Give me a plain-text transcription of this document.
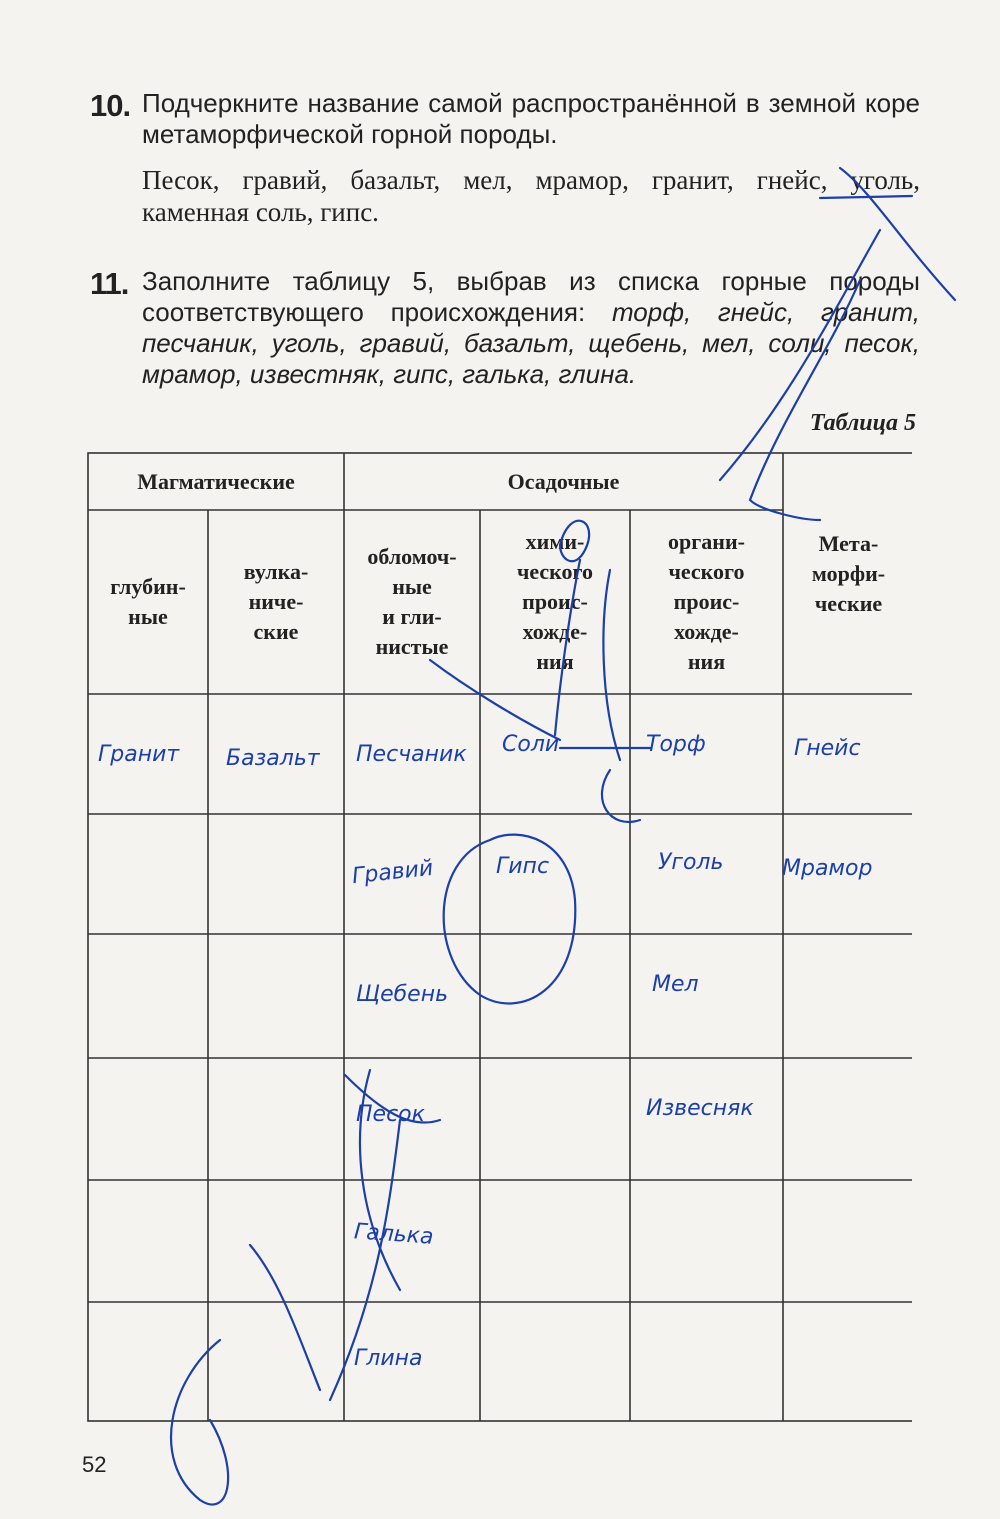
10. Подчеркните название самой распространённой в земной коре метаморфической горной породы.
Песок, гравий, базальт, мел, мрамор, гранит, гнейс, уголь, каменная соль, гипс.
11. Заполните таблицу 5, выбрав из списка горные породы соответствующего происхождения: торф, гнейс, гранит, песчаник, уголь, гравий, базальт, щебень, мел, соли, песок, мрамор, известняк, гипс, галька, глина.
Таблица 5
Магматические	Осадочные
глубин-
ные
вулка-
ниче-
ские
обломоч-
ные
и гли-
нистые
хими-
ческого
проис-
хожде-
ния
органи-
ческого
проис-
хожде-
ния
Мета-
морфи-
ческие
Гранит Базальт Песчаник
Гравий
Щебень
Песок
Галька
Глина
Соли
Гипс
Торф
Уголь
Мел
Извесняк
Гнейс
Мрамор
52
